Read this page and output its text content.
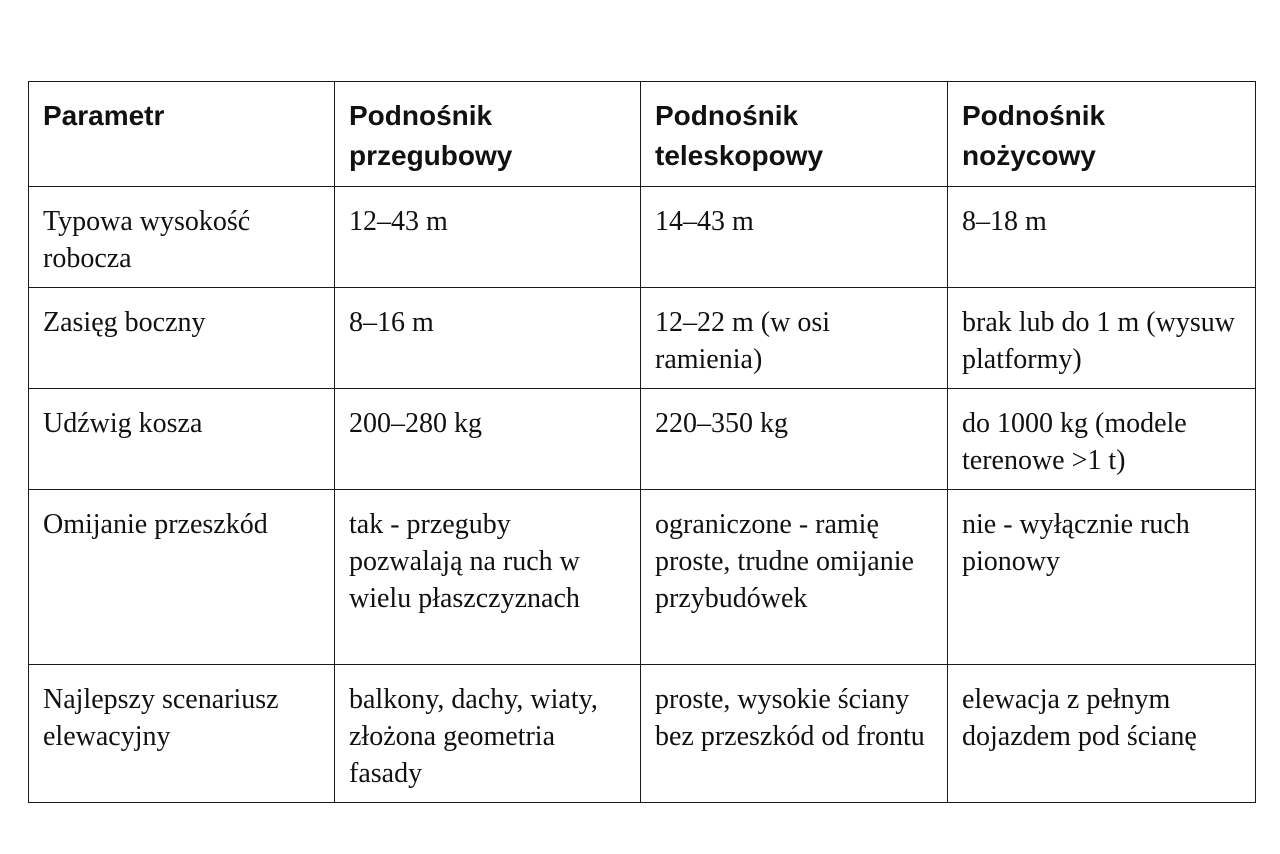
Parametr	Podnośnik przegubowy	Podnośnik teleskopowy	Podnośnik nożycowy
Typowa wysokość robocza	12–43 m	14–43 m	8–18 m
Zasięg boczny	8–16 m	12–22 m (w osi ramienia)	brak lub do 1 m (wysuw platformy)
Udźwig kosza	200–280 kg	220–350 kg	do 1000 kg (modele terenowe >1 t)
Omijanie przeszkód	tak - przeguby pozwalają na ruch w wielu płaszczyznach	ograniczone - ramię proste, trudne omijanie przybudówek	nie - wyłącznie ruch pionowy
Najlepszy scenariusz elewacyjny	balkony, dachy, wiaty, złożona geometria fasady	proste, wysokie ściany bez przeszkód od frontu	elewacja z pełnym dojazdem pod ścianę
